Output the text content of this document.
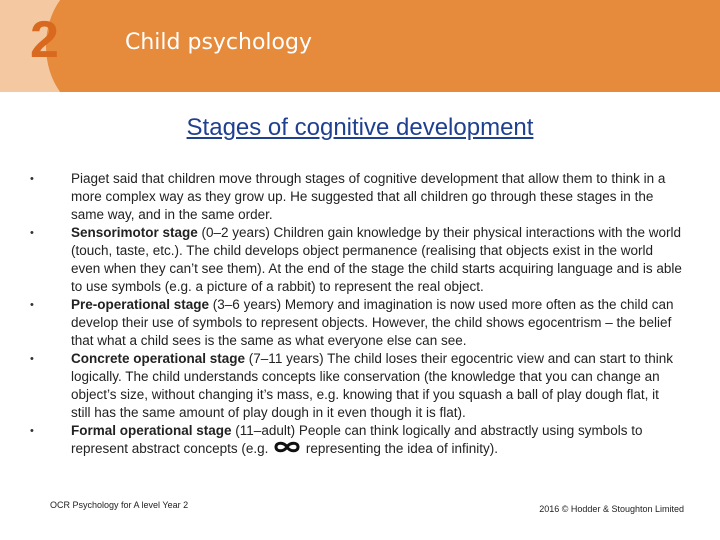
2	Child psychology
Stages of cognitive development
•	Piaget said that children move through stages of cognitive development that allow them to think in a more complex way as they grow up. He suggested that all children go through these stages in the same way, and in the same order.
•	Sensorimotor stage (0–2 years) Children gain knowledge by their physical interactions with the world (touch, taste, etc.). The child develops object permanence (realising that objects exist in the world even when they can’t see them). At the end of the stage the child starts acquiring language and is able to use symbols (e.g. a picture of a rabbit) to represent the real object.
•	Pre-operational stage (3–6 years) Memory and imagination is now used more often as the child can develop their use of symbols to represent objects. However, the child shows egocentrism – the belief that what a child sees is the same as what everyone else can see.
•	Concrete operational stage (7–11 years) The child loses their egocentric view and can start to think logically. The child understands concepts like conservation (the knowledge that you can change an object’s size, without changing it’s mass, e.g. knowing that if you squash a ball of play dough flat, it still has the same amount of play dough in it even though it is flat).
•	Formal operational stage (11–adult) People can think logically and abstractly using symbols to represent abstract concepts (e.g.	representing the idea of infinity).
OCR Psychology for A level Year 2	2016 © Hodder & Stoughton Limited
